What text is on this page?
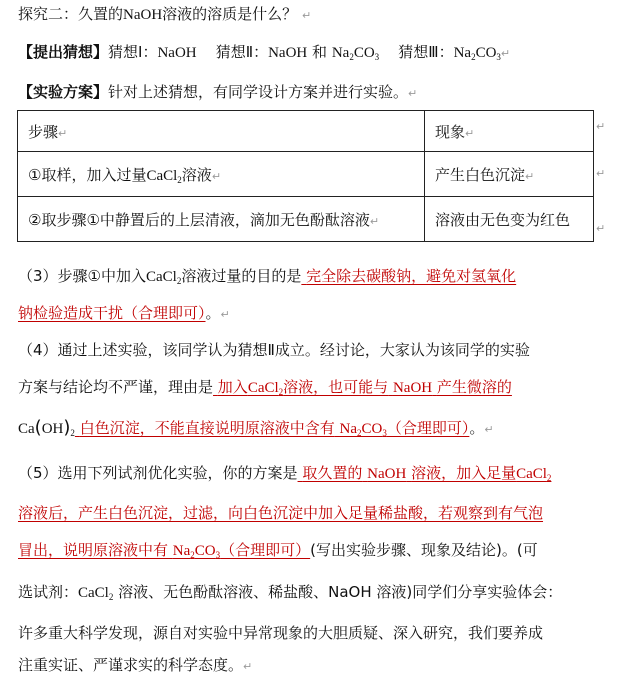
探究二：久置的NaOH溶液的溶质是什么？ ↵
【提出猜想】猜想Ⅰ：NaOH 猜想Ⅱ：NaOH 和 $Na_2CO_3$ 猜想Ⅲ：$Na_2CO_3↵$
【实验方案】针对上述猜想，有同学设计方案并进行实验。↵
步骤↵	现象↵
①取样，加入过量CaCl$_2$溶液↵	产生白色沉淀↵
②取步骤①中静置后的上层清液，滴加无色酚酞溶液↵	溶液由无色变为红色
↵
↵
↵
（3）步骤①中加入CaCl$_2$溶液过量的目的是 完全除去碳酸钠，避免对氢氧化
钠检验造成干扰（合理即可）。↵
（4）通过上述实验，该同学认为猜想Ⅱ成立。经讨论，大家认为该同学的实验
方案与结论均不严谨，理由是 加入CaCl$_2$溶液，也可能与 NaOH 产生微溶的
$Ca(OH)_2$ 白色沉淀，不能直接说明原溶液中含有 $Na_2CO_3$（合理即可）。↵
（5）选用下列试剂优化实验，你的方案是 取久置的 NaOH 溶液，加入足量CaCl$_2$
溶液后，产生白色沉淀，过滤，向白色沉淀中加入足量稀盐酸，若观察到有气泡
冒出，说明原溶液中有 $Na_2CO_3$（合理即可）(写出实验步骤、现象及结论)。(可
选试剂：CaCl$_2$ 溶液、无色酚酞溶液、稀盐酸、NaOH 溶液)同学们分享实验体会：
许多重大科学发现，源自对实验中异常现象的大胆质疑、深入研究，我们要养成
注重实证、严谨求实的科学态度。↵
